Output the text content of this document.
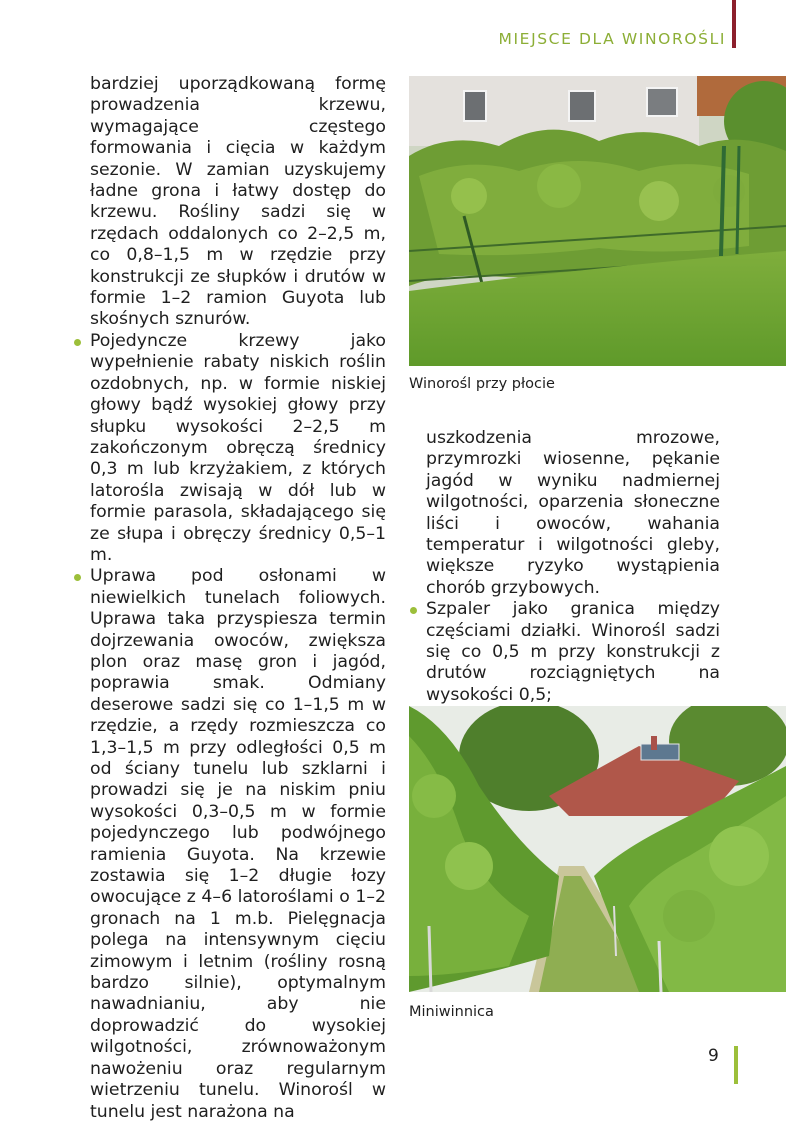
MIEJSCE DLA WINOROŚLI

bardziej uporządkowaną formę prowadzenia krzewu, wymagające częstego formowania i cięcia w każdym sezonie. W zamian uzyskujemy ładne grona i łatwy dostęp do krzewu. Rośliny sadzi się w rzędach oddalonych co 2–2,5 m, co 0,8–1,5 m w rzędzie przy konstrukcji ze słupków i drutów w formie 1–2 ramion Guyota lub skośnych sznurów.

Pojedyncze krzewy jako wypełnienie rabaty niskich roślin ozdobnych, np. w formie niskiej głowy bądź wysokiej głowy przy słupku wysokości 2–2,5 m zakończonym obręczą średnicy 0,3 m lub krzyżakiem, z których latorośla zwisają w dół lub w formie parasola, składającego się ze słupa i obręczy średnicy 0,5–1 m.

Uprawa pod osłonami w niewielkich tunelach foliowych. Uprawa taka przyspiesza termin dojrzewania owoców, zwiększa plon oraz masę gron i jagód, poprawia smak. Odmiany deserowe sadzi się co 1–1,5 m w rzędzie, a rzędy rozmieszcza co 1,3–1,5 m przy odległości 0,5 m od ściany tunelu lub szklarni i prowadzi się je na niskim pniu wysokości 0,3–0,5 m w formie pojedynczego lub podwójnego ramienia Guyota. Na krzewie zostawia się 1–2 długie łozy owocujące z 4–6 latoroślami o 1–2 gronach na 1 m.b. Pielęgnacja polega na intensywnym cięciu zimowym i letnim (rośliny rosną bardzo silnie), optymalnym nawadnianiu, aby nie doprowadzić do wysokiej wilgotności, zrównoważonym nawożeniu oraz regularnym wietrzeniu tunelu. Winorośl w tunelu jest narażona na

Winorośl przy płocie

uszkodzenia mrozowe, przymrozki wiosenne, pękanie jagód w wyniku nadmiernej wilgotności, oparzenia słoneczne liści i owoców, wahania temperatur i wilgotności gleby, większe ryzyko wystąpienia chorób grzybowych.

Szpaler jako granica między częściami działki. Winorośl sadzi się co 0,5 m przy konstrukcji z drutów rozciągniętych na wysokości 0,5;

Miniwinnica
9
